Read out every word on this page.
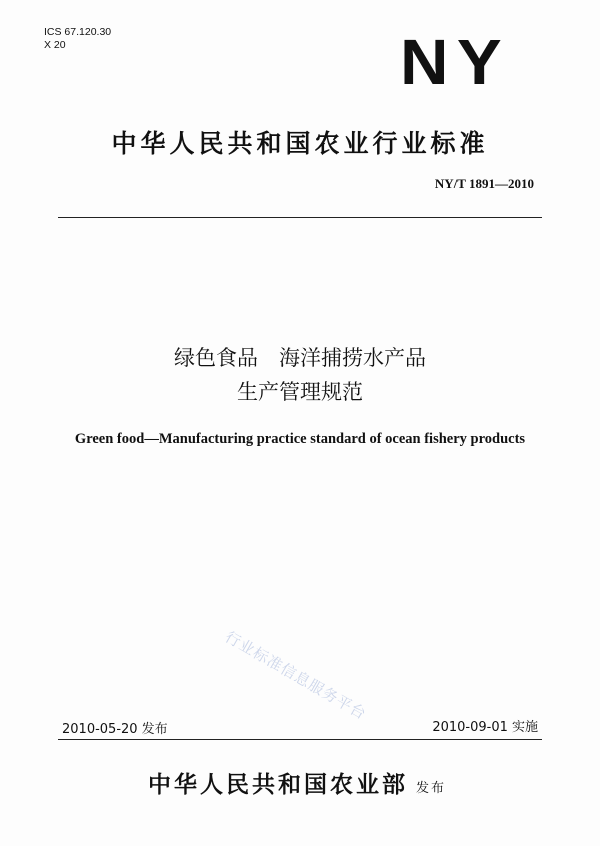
ICS 67.120.30
X 20	NY
中华人民共和国农业行业标准
NY/T 1891—2010
绿色食品　海洋捕捞水产品
生产管理规范
Green food—Manufacturing practice standard of ocean fishery products
行业标准信息服务平台
2010-05-20 发布	2010-09-01 实施
中华人民共和国农业部 发布
